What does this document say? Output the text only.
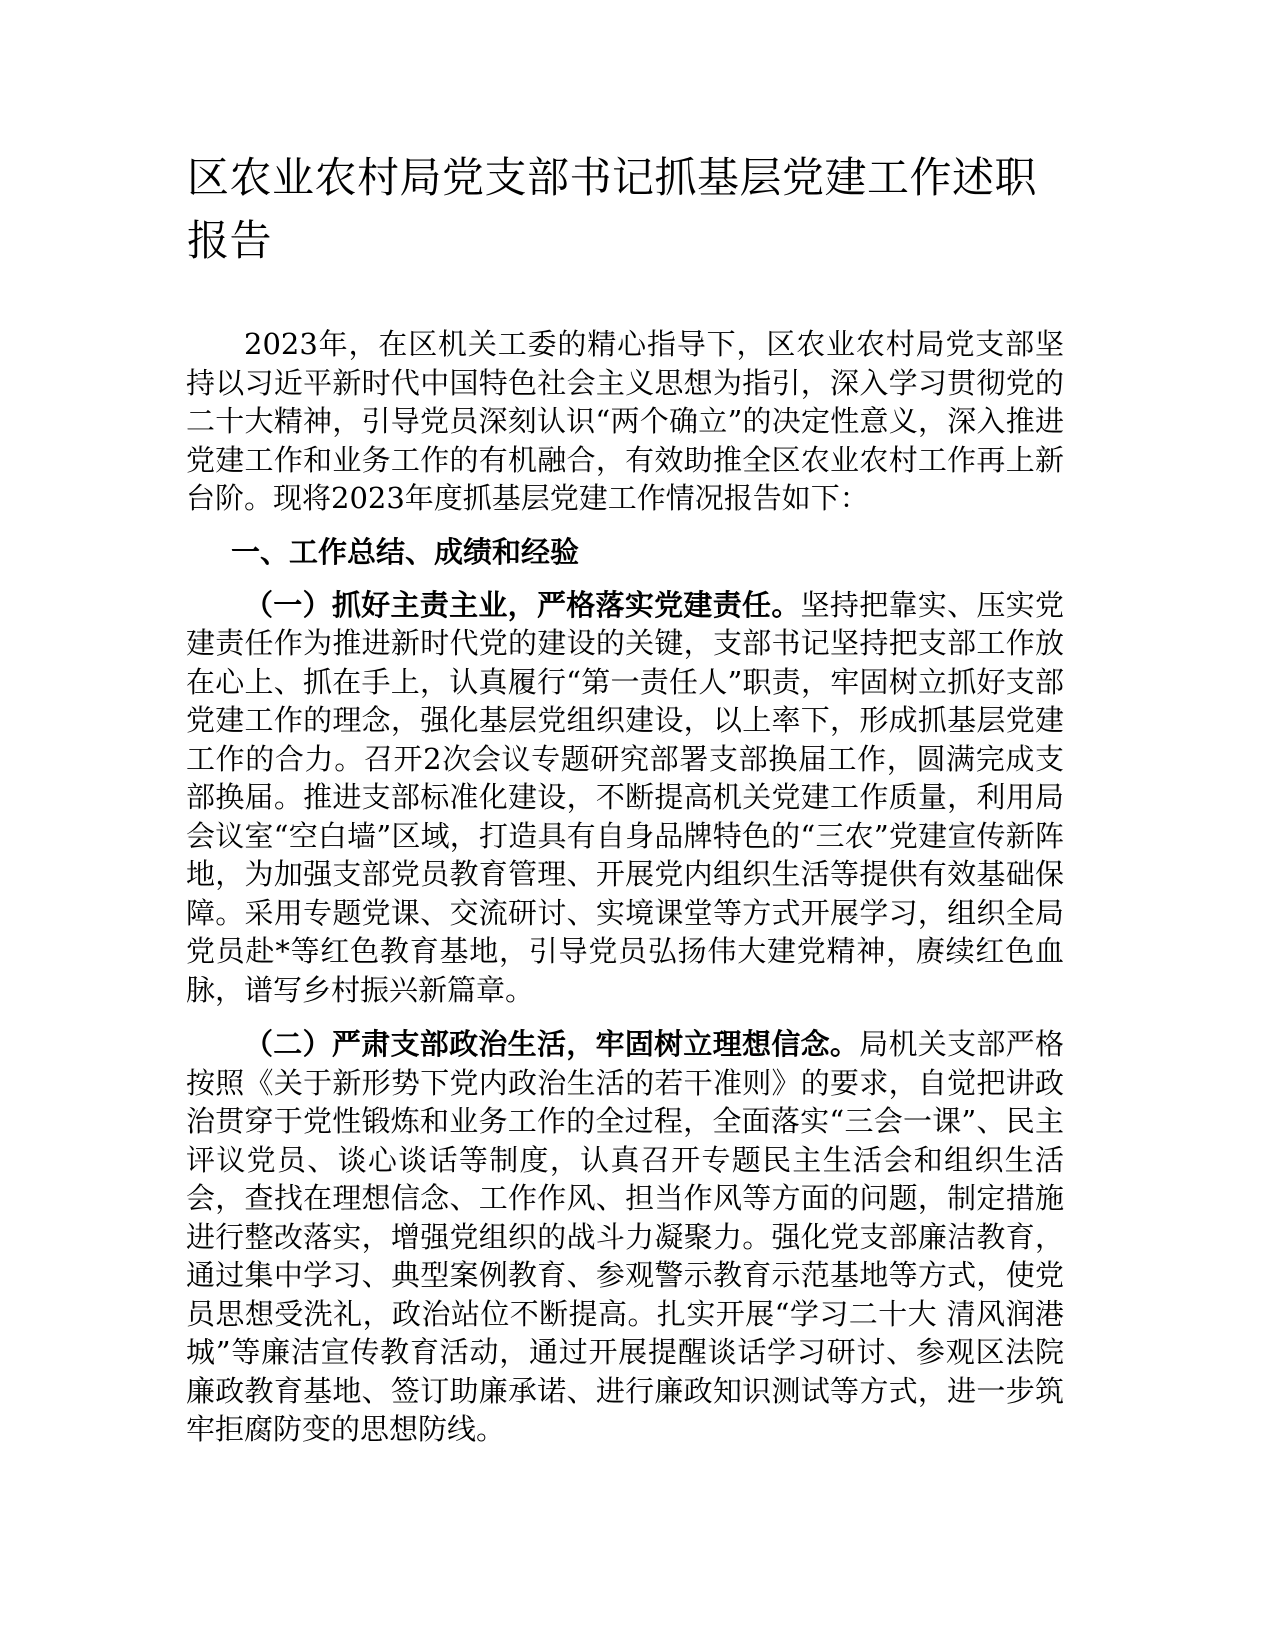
区农业农村局党支部书记抓基层党建工作述职报告

2023年，在区机关工委的精心指导下，区农业农村局党支部坚持以习近平新时代中国特色社会主义思想为指引，深入学习贯彻党的二十大精神，引导党员深刻认识“两个确立”的决定性意义，深入推进党建工作和业务工作的有机融合，有效助推全区农业农村工作再上新台阶。现将2023年度抓基层党建工作情况报告如下：

一、工作总结、成绩和经验

（一）抓好主责主业，严格落实党建责任。坚持把靠实、压实党建责任作为推进新时代党的建设的关键，支部书记坚持把支部工作放在心上、抓在手上，认真履行“第一责任人”职责，牢固树立抓好支部党建工作的理念，强化基层党组织建设，以上率下，形成抓基层党建工作的合力。召开2次会议专题研究部署支部换届工作，圆满完成支部换届。推进支部标准化建设，不断提高机关党建工作质量，利用局会议室“空白墙”区域，打造具有自身品牌特色的“三农”党建宣传新阵地，为加强支部党员教育管理、开展党内组织生活等提供有效基础保障。采用专题党课、交流研讨、实境课堂等方式开展学习，组织全局党员赴*等红色教育基地，引导党员弘扬伟大建党精神，赓续红色血脉，谱写乡村振兴新篇章。

（二）严肃支部政治生活，牢固树立理想信念。局机关支部严格按照《关于新形势下党内政治生活的若干准则》的要求，自觉把讲政治贯穿于党性锻炼和业务工作的全过程，全面落实“三会一课”、民主评议党员、谈心谈话等制度，认真召开专题民主生活会和组织生活会，查找在理想信念、工作作风、担当作风等方面的问题，制定措施进行整改落实，增强党组织的战斗力凝聚力。强化党支部廉洁教育，通过集中学习、典型案例教育、参观警示教育示范基地等方式，使党员思想受洗礼，政治站位不断提高。扎实开展“学习二十大 清风润港城”等廉洁宣传教育活动，通过开展提醒谈话学习研讨、参观区法院廉政教育基地、签订助廉承诺、进行廉政知识测试等方式，进一步筑牢拒腐防变的思想防线。
